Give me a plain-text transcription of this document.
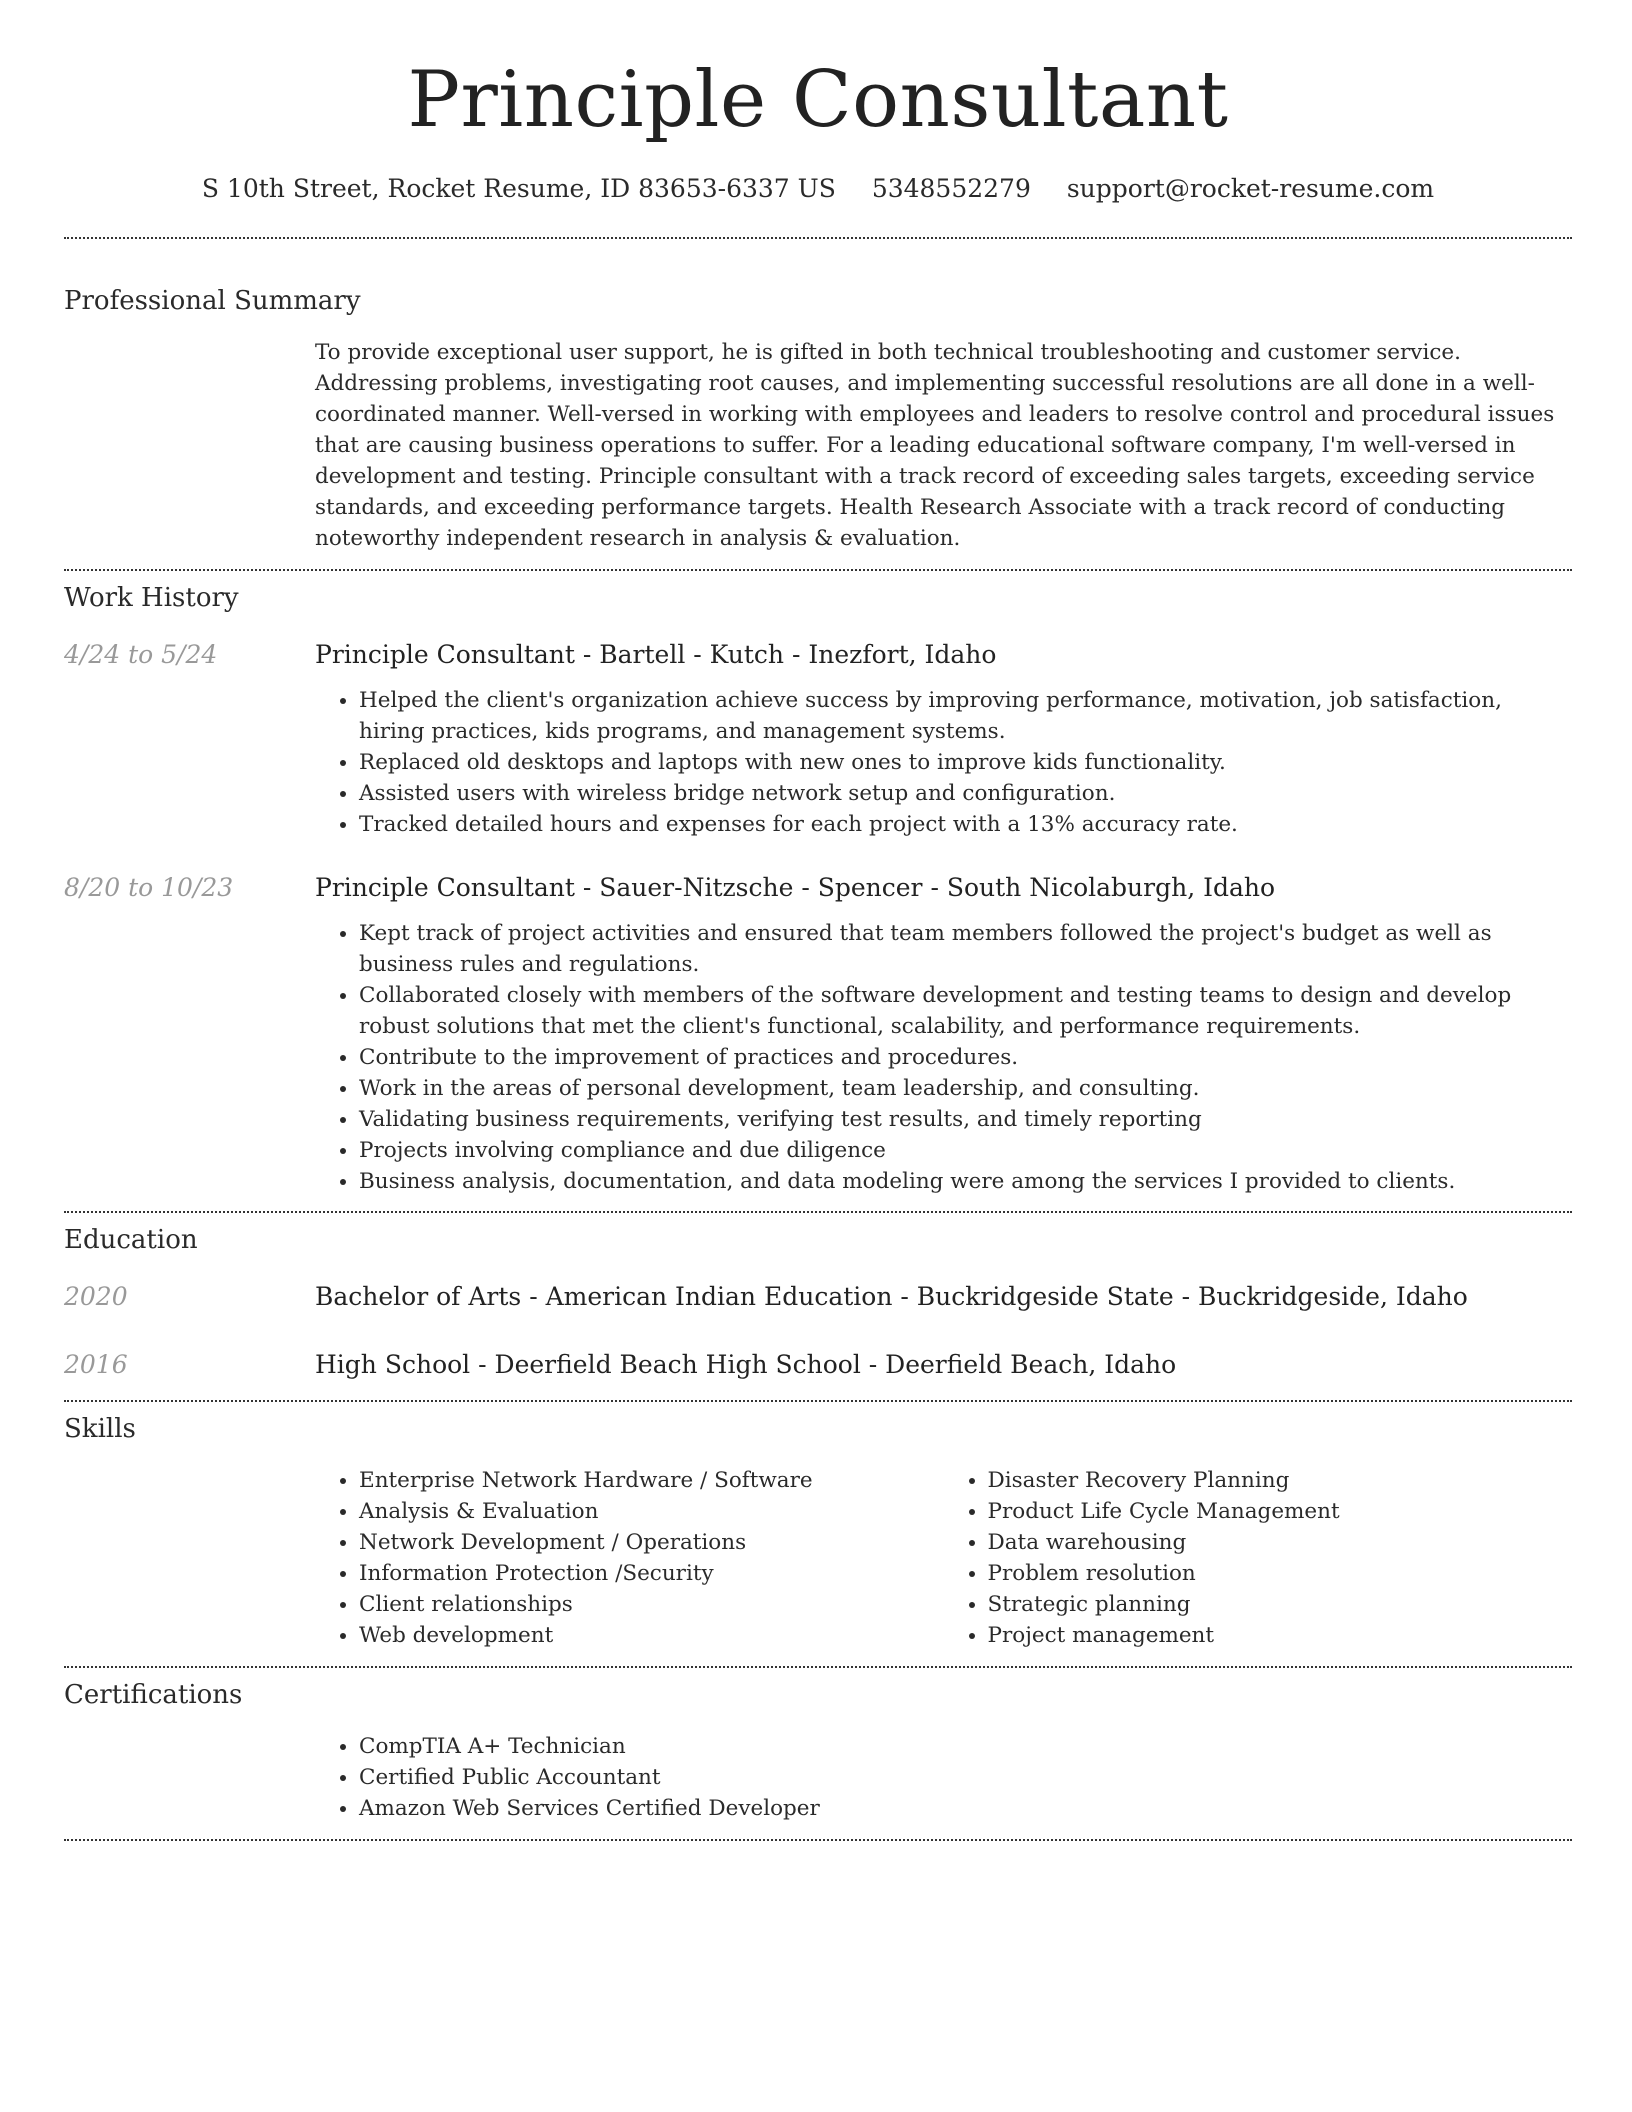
Principle Consultant
S 10th Street, Rocket Resume, ID 83653-6337 US 5348552279 support@rocket-resume.com
Professional Summary
To provide exceptional user support, he is gifted in both technical troubleshooting and customer service. Addressing problems, investigating root causes, and implementing successful resolutions are all done in a well-coordinated manner. Well-versed in working with employees and leaders to resolve control and procedural issues that are causing business operations to suffer. For a leading educational software company, I'm well-versed in development and testing. Principle consultant with a track record of exceeding sales targets, exceeding service standards, and exceeding performance targets. Health Research Associate with a track record of conducting noteworthy independent research in analysis & evaluation.
Work History
4/24 to 5/24	Principle Consultant - Bartell - Kutch - Inezfort, Idaho
• Helped the client's organization achieve success by improving performance, motivation, job satisfaction, hiring practices, kids programs, and management systems.
• Replaced old desktops and laptops with new ones to improve kids functionality.
• Assisted users with wireless bridge network setup and configuration.
• Tracked detailed hours and expenses for each project with a 13% accuracy rate.
8/20 to 10/23	Principle Consultant - Sauer-Nitzsche - Spencer - South Nicolaburgh, Idaho
• Kept track of project activities and ensured that team members followed the project's budget as well as business rules and regulations.
• Collaborated closely with members of the software development and testing teams to design and develop robust solutions that met the client's functional, scalability, and performance requirements.
• Contribute to the improvement of practices and procedures.
• Work in the areas of personal development, team leadership, and consulting.
• Validating business requirements, verifying test results, and timely reporting
• Projects involving compliance and due diligence
• Business analysis, documentation, and data modeling were among the services I provided to clients.
Education
2020	Bachelor of Arts - American Indian Education - Buckridgeside State - Buckridgeside, Idaho
2016	High School - Deerfield Beach High School - Deerfield Beach, Idaho
Skills
• Enterprise Network Hardware / Software
• Analysis & Evaluation
• Network Development / Operations
• Information Protection /Security
• Client relationships
• Web development
• Disaster Recovery Planning
• Product Life Cycle Management
• Data warehousing
• Problem resolution
• Strategic planning
• Project management
Certifications
• CompTIA A+ Technician
• Certified Public Accountant
• Amazon Web Services Certified Developer
